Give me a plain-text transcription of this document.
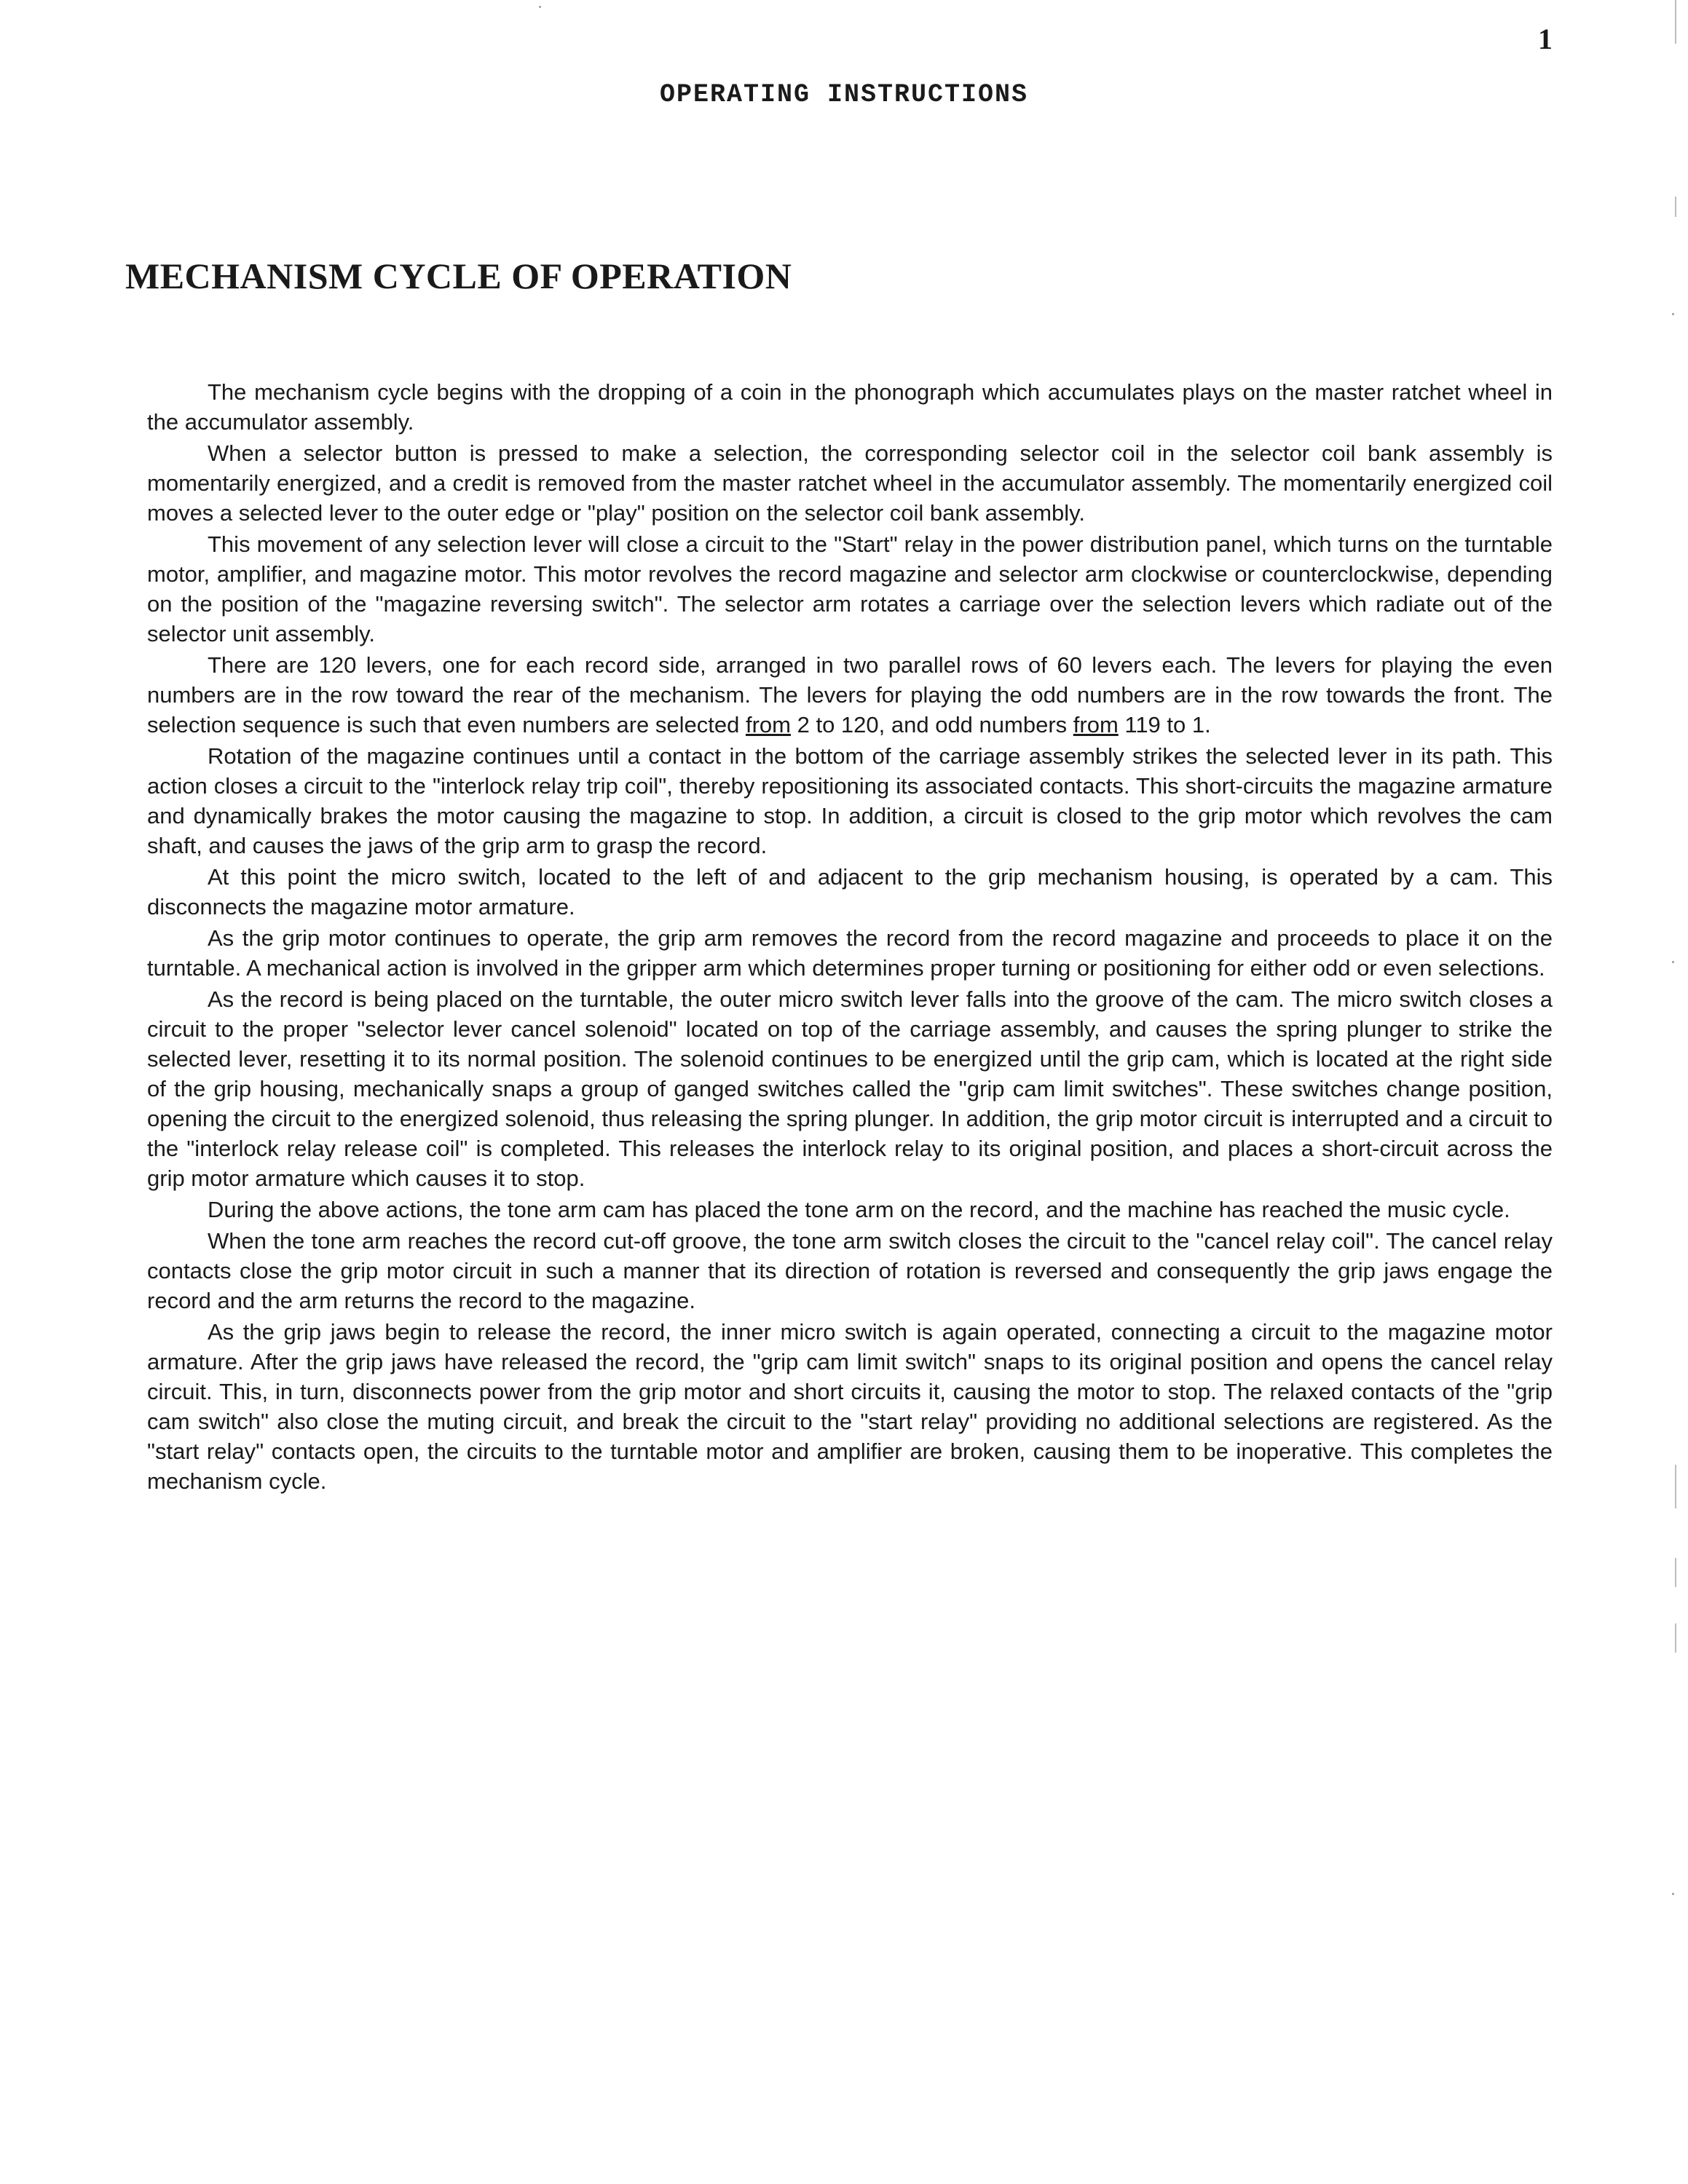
1
OPERATING INSTRUCTIONS
MECHANISM CYCLE OF OPERATION

The mechanism cycle begins with the dropping of a coin in the phonograph which accumulates plays on the master ratchet wheel in the accumulator assembly.

When a selector button is pressed to make a selection, the corresponding selector coil in the selector coil bank assembly is momentarily energized, and a credit is removed from the master ratchet wheel in the accumulator assembly. The momentarily energized coil moves a selected lever to the outer edge or "play" position on the selector coil bank assembly.

This movement of any selection lever will close a circuit to the "Start" relay in the power distribution panel, which turns on the turntable motor, amplifier, and magazine motor. This motor revolves the record magazine and selector arm clockwise or counterclockwise, depending on the position of the "magazine reversing switch". The selector arm rotates a carriage over the selection levers which radiate out of the selector unit assembly.

There are 120 levers, one for each record side, arranged in two parallel rows of 60 levers each. The levers for playing the even numbers are in the row toward the rear of the mechanism. The levers for playing the odd numbers are in the row towards the front. The selection sequence is such that even numbers are selected from 2 to 120, and odd numbers from 119 to 1.

Rotation of the magazine continues until a contact in the bottom of the carriage assembly strikes the selected lever in its path. This action closes a circuit to the "interlock relay trip coil", thereby repositioning its associated contacts. This short-circuits the magazine armature and dynamically brakes the motor causing the magazine to stop. In addition, a circuit is closed to the grip motor which revolves the cam shaft, and causes the jaws of the grip arm to grasp the record.

At this point the micro switch, located to the left of and adjacent to the grip mechanism housing, is operated by a cam. This disconnects the magazine motor armature.

As the grip motor continues to operate, the grip arm removes the record from the record magazine and proceeds to place it on the turntable. A mechanical action is involved in the gripper arm which determines proper turning or positioning for either odd or even selections.

As the record is being placed on the turntable, the outer micro switch lever falls into the groove of the cam. The micro switch closes a circuit to the proper "selector lever cancel solenoid" located on top of the carriage assembly, and causes the spring plunger to strike the selected lever, resetting it to its normal position. The solenoid continues to be energized until the grip cam, which is located at the right side of the grip housing, mechanically snaps a group of ganged switches called the "grip cam limit switches". These switches change position, opening the circuit to the energized solenoid, thus releasing the spring plunger. In addition, the grip motor circuit is interrupted and a circuit to the "interlock relay release coil" is completed. This releases the interlock relay to its original position, and places a short-circuit across the grip motor armature which causes it to stop.

During the above actions, the tone arm cam has placed the tone arm on the record, and the machine has reached the music cycle.

When the tone arm reaches the record cut-off groove, the tone arm switch closes the circuit to the "cancel relay coil". The cancel relay contacts close the grip motor circuit in such a manner that its direction of rotation is reversed and consequently the grip jaws engage the record and the arm returns the record to the magazine.

As the grip jaws begin to release the record, the inner micro switch is again operated, connecting a circuit to the magazine motor armature. After the grip jaws have released the record, the "grip cam limit switch" snaps to its original position and opens the cancel relay circuit. This, in turn, disconnects power from the grip motor and short circuits it, causing the motor to stop. The relaxed contacts of the "grip cam switch" also close the muting circuit, and break the circuit to the "start relay" providing no additional selections are registered. As the "start relay" contacts open, the circuits to the turntable motor and amplifier are broken, causing them to be inoperative. This completes the mechanism cycle.
